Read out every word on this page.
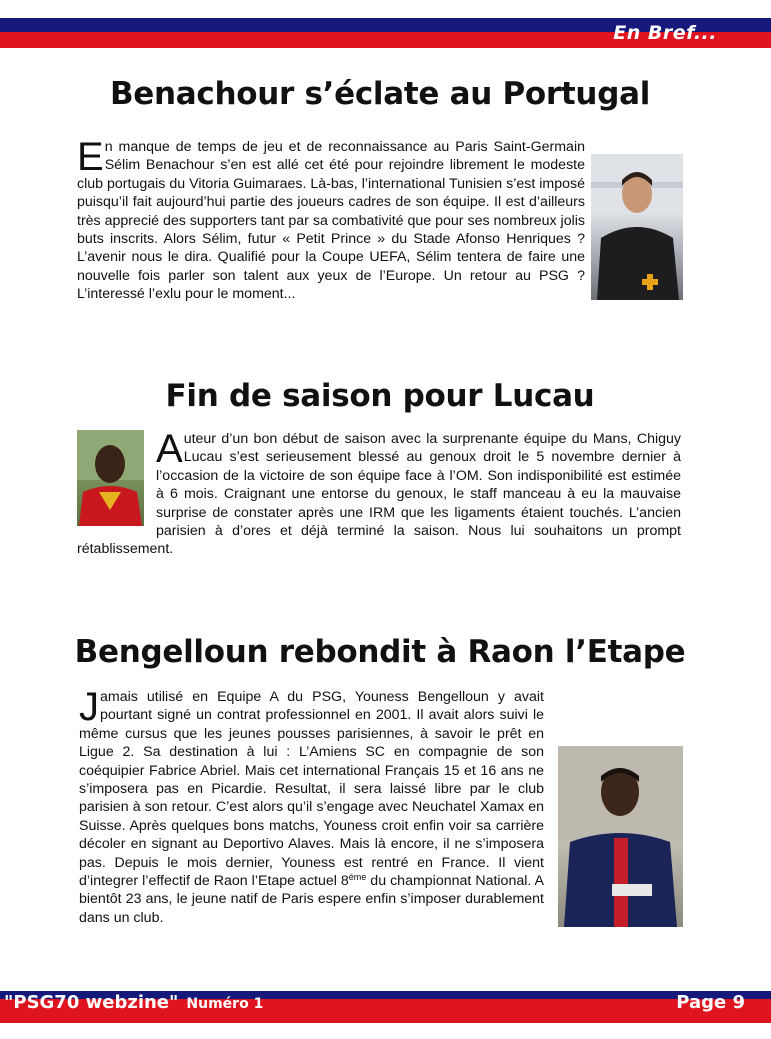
En Bref...
Benachour s’éclate au Portugal
En manque de temps de jeu et de reconnaissance au Paris Saint-Germain Sélim Benachour s’en est allé cet été pour rejoindre librement le modeste club portugais du Vitoria Guimaraes. Là-bas, l’international Tunisien s’est imposé puisqu’il fait aujourd’hui partie des joueurs cadres de son équipe. Il est d’ailleurs très apprecié des supporters tant par sa combativité que pour ses nombreux jolis buts inscrits. Alors Sélim, futur « Petit Prince » du Stade Afonso Henriques ? L’avenir nous le dira. Qualifié pour la Coupe UEFA, Sélim tentera de faire une nouvelle fois parler son talent aux yeux de l’Europe. Un retour au PSG ? L’interessé l’exlu pour le moment...
Fin de saison pour Lucau
Auteur d’un bon début de saison avec la surprenante équipe du Mans, Chiguy Lucau s’est serieusement blessé au genoux droit le 5 novembre dernier à l’occasion de la victoire de son équipe face à l’OM. Son indisponibilité est estimée à 6 mois. Craignant une entorse du genoux, le staff manceau à eu la mauvaise surprise de constater après une IRM que les ligaments étaient touchés. L’ancien parisien à d’ores et déjà terminé la saison. Nous lui souhaitons un prompt rétablissement.
Bengelloun rebondit à Raon l’Etape
Jamais utilisé en Equipe A du PSG, Youness Bengelloun y avait pourtant signé un contrat professionnel en 2001. Il avait alors suivi le même cursus que les jeunes pousses parisiennes, à savoir le prêt en Ligue 2. Sa destination à lui : L’Amiens SC en compagnie de son coéquipier Fabrice Abriel. Mais cet international Français 15 et 16 ans ne s’imposera pas en Picardie. Resultat, il sera laissé libre par le club parisien à son retour. C’est alors qu’il s’engage avec Neuchatel Xamax en Suisse. Après quelques bons matchs, Youness croit enfin voir sa carrière décoler en signant au Deportivo Alaves. Mais là encore, il ne s’imposera pas. Depuis le mois dernier, Youness est rentré en France. Il vient d’integrer l’effectif de Raon l’Etape actuel 8ème du championnat National. A bientôt 23 ans, le jeune natif de Paris espere enfin s’imposer durablement dans un club.
"PSG70 webzine" Numéro 1	Page 9
